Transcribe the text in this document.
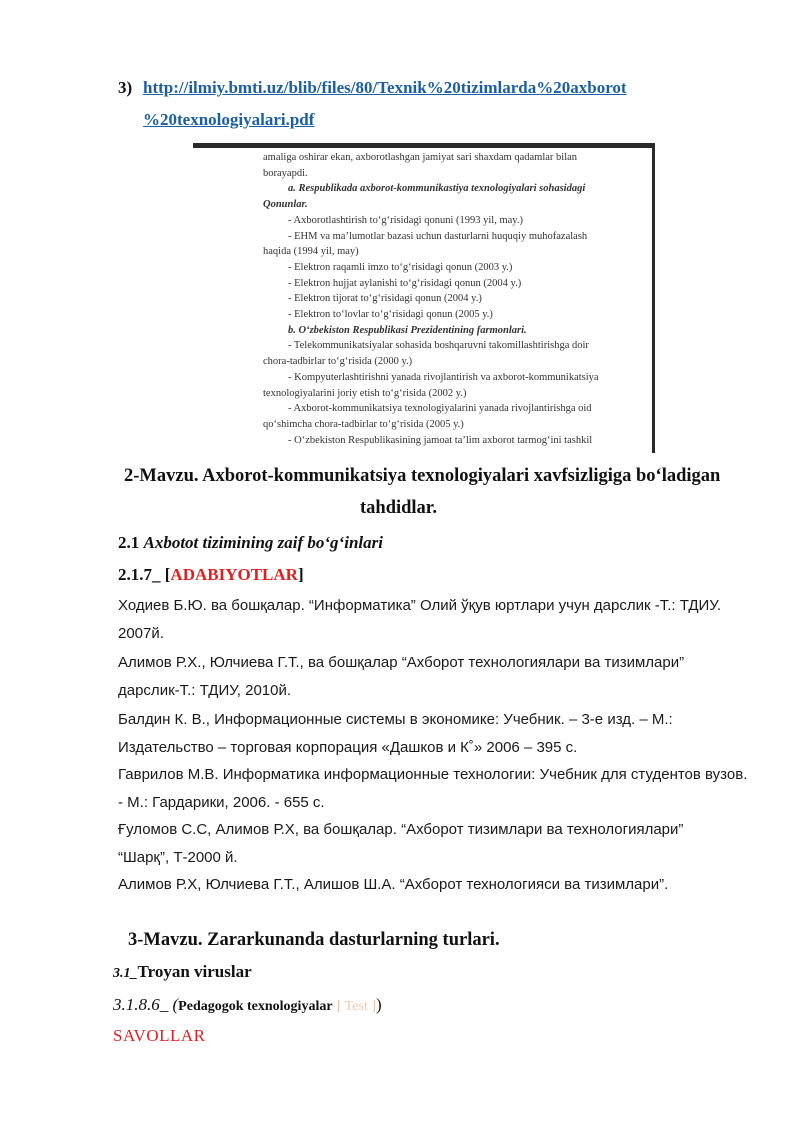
3) http://ilmiy.bmti.uz/blib/files/80/Texnik%20tizimlarda%20axborot
%20texnologiyalari.pdf
amaliga oshirar ekan, axborotlashgan jamiyat sari shaxdam qadamlar bilan
borayapdi.
a. Respublikada axborot-kommunikastiya texnologiyalari sohasidagi
Qonunlar.
- Axborotlashtirish to‘g‘risidagi qonuni (1993 yil, may.)
- EHM va ma’lumotlar bazasi uchun dasturlarni huquqiy muhofazalash
haqida (1994 yil, may)
- Elektron raqamli imzo to‘g‘risidagi qonun (2003 y.)
- Elektron hujjat aylanishi to‘g‘risidagi qonun (2004 y.)
- Elektron tijorat to‘g‘risidagi qonun (2004 y.)
- Elektron to‘lovlar to‘g‘risidagi qonun (2005 y.)
b. O‘zbekiston Respublikasi Prezidentining farmonlari.
- Telekommunikatsiyalar sohasida boshqaruvni takomillashtirishga doir
chora-tadbirlar to‘g‘risida (2000 y.)
- Kompyuterlashtirishni yanada rivojlantirish va axborot-kommunikatsiya
texnologiyalarini joriy etish to‘g‘risida (2002 y.)
- Axborot-kommunikatsiya texnologiyalarini yanada rivojlantirishga oid
qo‘shimcha chora-tadbirlar to‘g‘risida (2005 y.)
- O‘zbekiston Respublikasining jamoat ta’lim axborot tarmog‘ini tashkil
2-Mavzu. Axborot-kommunikatsiya texnologiyalari xavfsizligiga bo‘ladigan
tahdidlar.
2.1 Axbotot tizimining zaif bo‘g‘inlari
2.1.7_ [ADABIYOTLAR]
Ходиев Б.Ю. ва бошқалар. “Информатика” Олий ўқув юртлари учун дарслик -Т.: ТДИУ.
2007й.
Алимов Р.Х., Юлчиева Г.Т., ва бошқалар “Ахборот технологиялари ва тизимлари”
дарслик-Т.: ТДИУ, 2010й.
Балдин К. В., Информационные системы в экономике: Учебник. – 3-е изд. – М.:
Издательство – торговая корпорация «Дашков и К˚» 2006 – 395 с.
Гаврилов М.В. Информатика информационные технологии: Учебник для студентов вузов.
- М.: Гардарики, 2006. - 655 с.
Ғуломов С.С, Алимов Р.Х, ва бошқалар. “Ахборот тизимлари ва технологиялари”
“Шарқ”, Т-2000 й.
Алимов Р.Х, Юлчиева Г.Т., Алишов Ш.А. “Ахборот технологияси ва тизимлари”.
3-Mavzu. Zararkunanda dasturlarning turlari.
3.1_Troyan viruslar
3.1.8.6_ (Pedagogok texnologiyalar [ Test ])
SAVOLLAR
